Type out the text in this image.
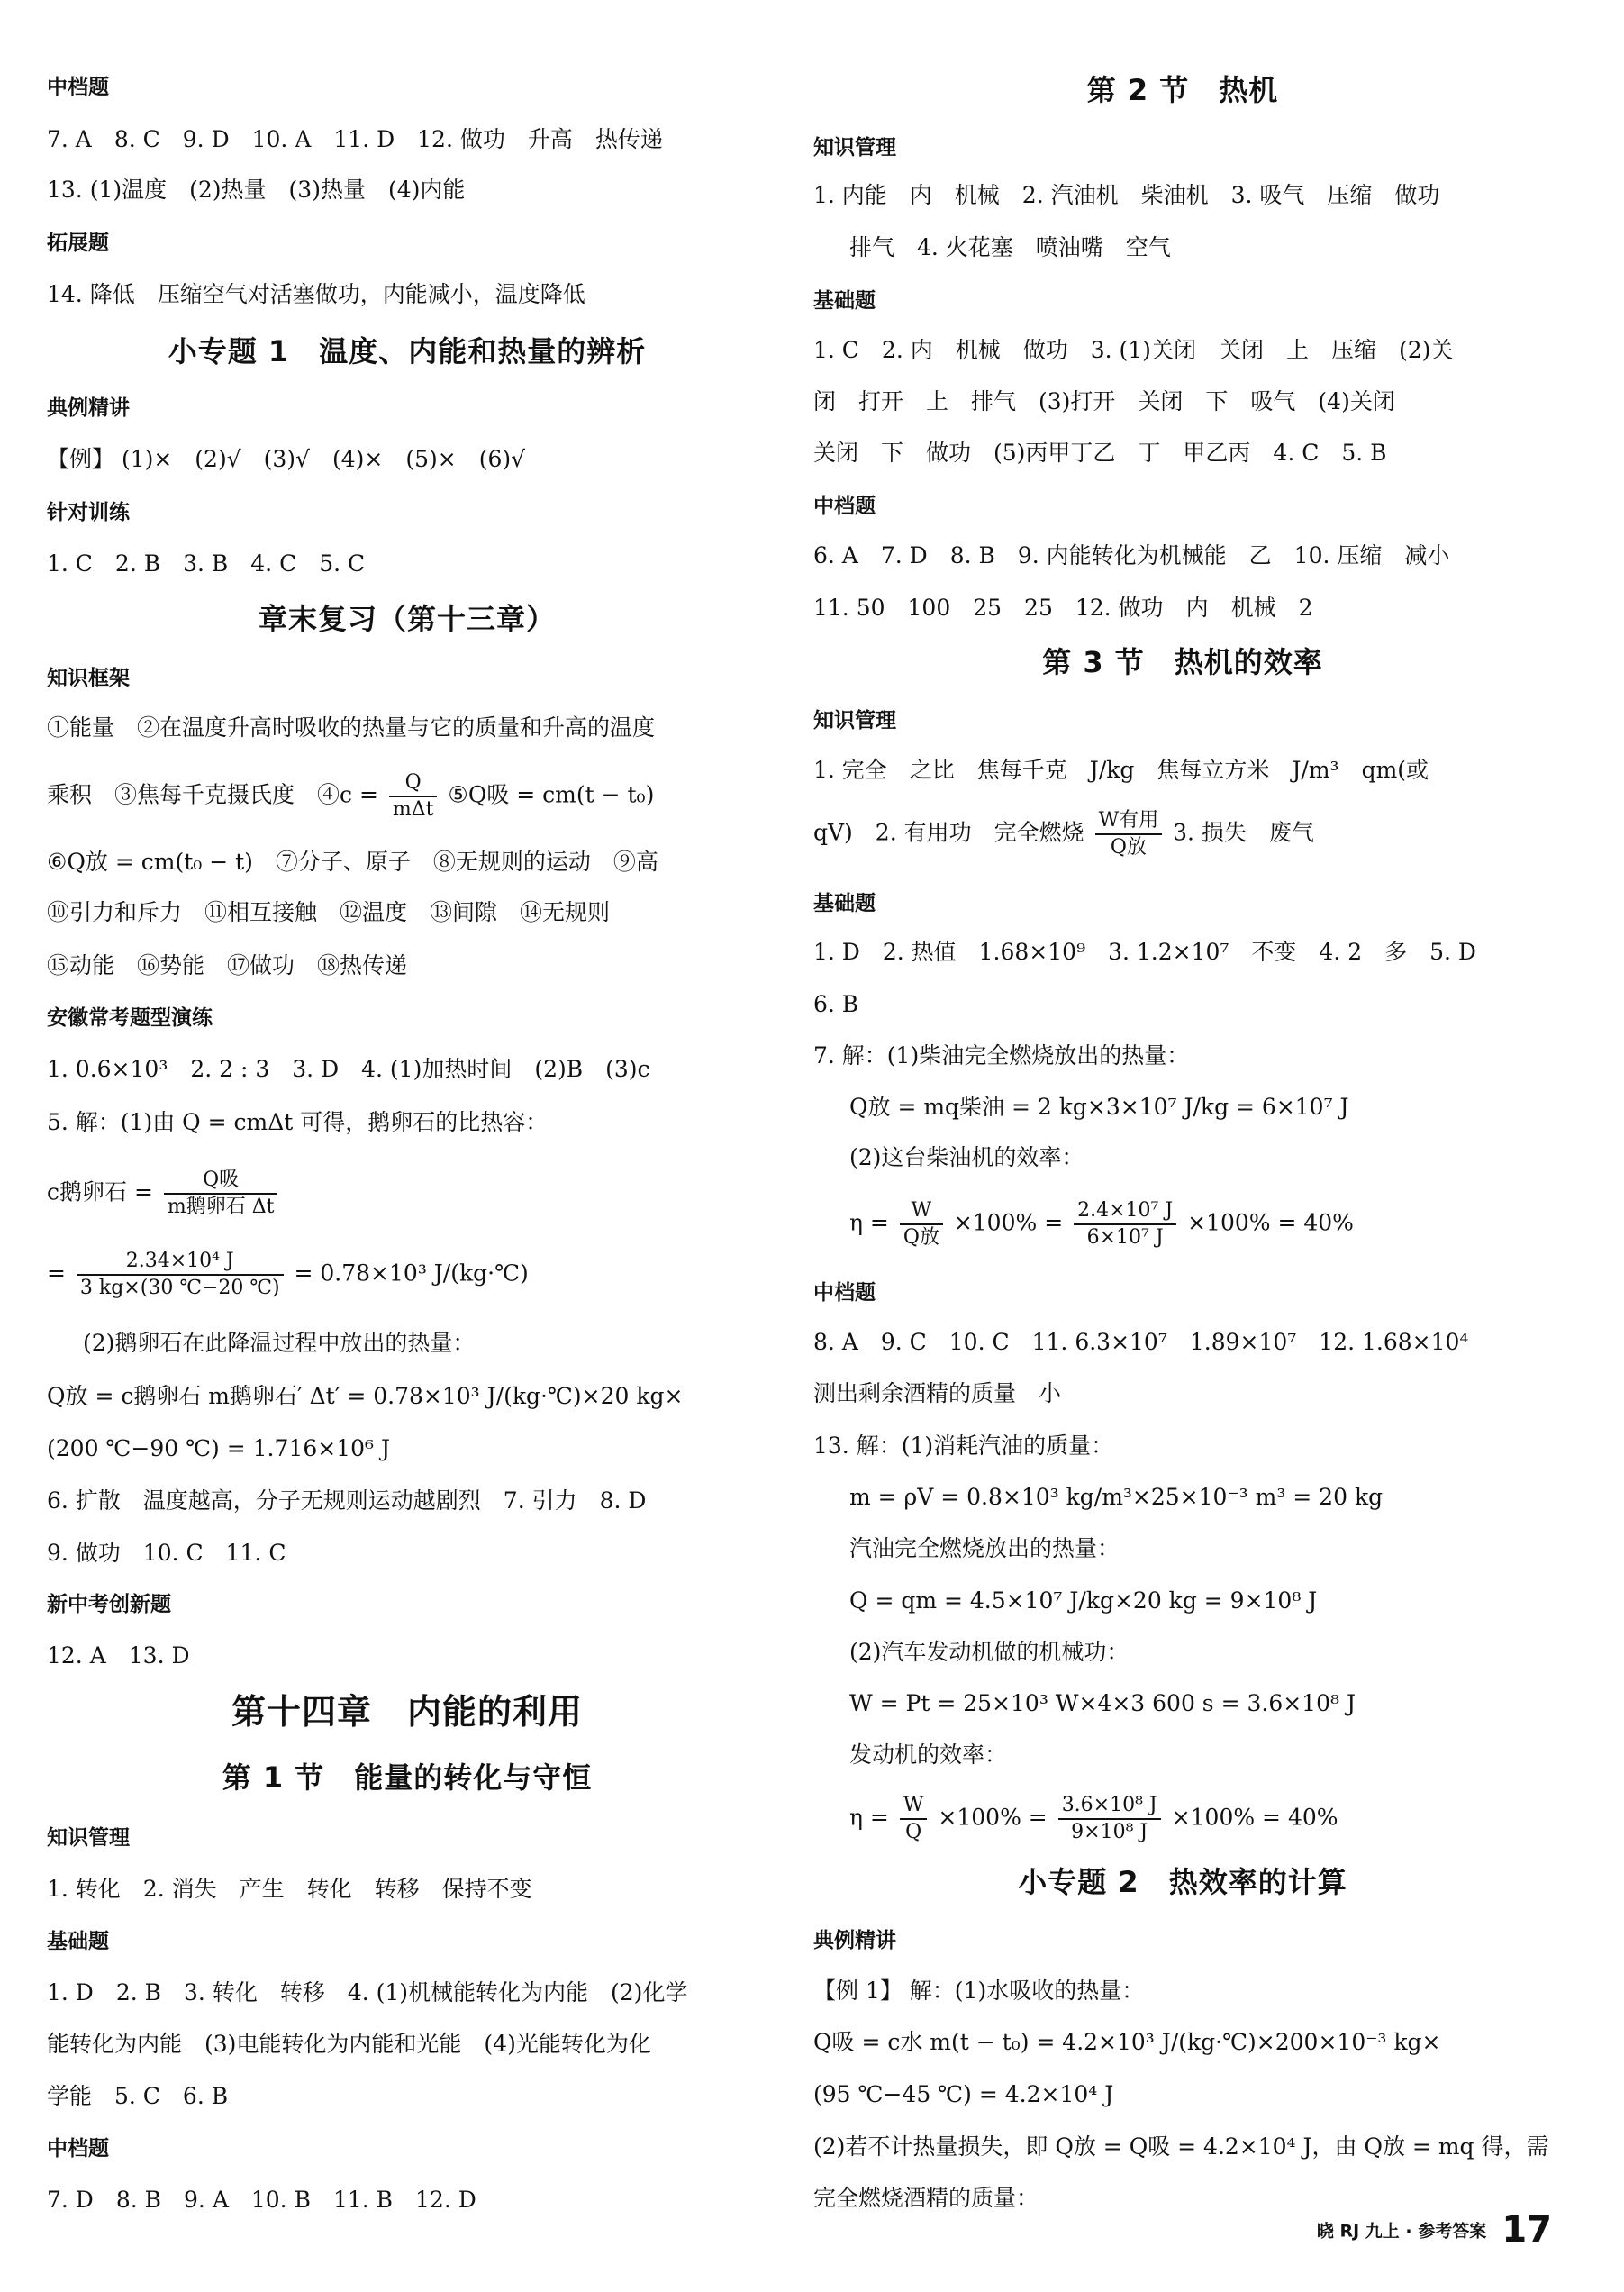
中档题
7. A　8. C　9. D　10. A　11. D　12. 做功　升高　热传递
13. (1)温度　(2)热量　(3)热量　(4)内能
拓展题
14. 降低　压缩空气对活塞做功，内能减小，温度降低
小专题 1　温度、内能和热量的辨析
典例精讲
【例】 (1)×　(2)√　(3)√　(4)×　(5)×　(6)√
针对训练
1. C　2. B　3. B　4. C　5. C
章末复习（第十三章）
知识框架
①能量　②在温度升高时吸收的热量与它的质量和升高的温度
乘积　③焦每千克摄氏度　④c = $\frac{Q}{\text{mΔt}}$ ⑤Q吸 = cm(t − t₀)
⑥Q放 = cm(t₀ − t)　⑦分子、原子　⑧无规则的运动　⑨高
⑩引力和斥力　⑪相互接触　⑫温度　⑬间隙　⑭无规则
⑮动能　⑯势能　⑰做功　⑱热传递
安徽常考题型演练
1. 0.6×10³　2. 2 : 3　3. D　4. (1)加热时间　(2)B　(3)c
5. 解：(1)由 Q = cmΔt 可得，鹅卵石的比热容：
c鹅卵石 = $\frac{\text{Q吸}}{\text{m鹅卵石 Δt}}$
= $\frac{\text{2.34×10⁴ J}}{3 kg\times(30 ℃-20 ℃)} = 0.78\times 10^3$ J/(kg·℃)
(2)鹅卵石在此降温过程中放出的热量：
Q放 = c鹅卵石 m鹅卵石′ Δt′ = 0.78×10³ J/(kg·℃)×20 kg×
(200 ℃−90 ℃) = 1.716×10⁶ J
6. 扩散　温度越高，分子无规则运动越剧烈　7. 引力　8. D
9. 做功　10. C　11. C
新中考创新题
12. A　13. D
第十四章　内能的利用
第 1 节　能量的转化与守恒
知识管理
1. 转化　2. 消失　产生　转化　转移　保持不变
基础题
1. D　2. B　3. 转化　转移　4. (1)机械能转化为内能　(2)化学
能转化为内能　(3)电能转化为内能和光能　(4)光能转化为化
学能　5. C　6. B
中档题
7. D　8. B　9. A　10. B　11. B　12. D
第 2 节　热机
知识管理
1. 内能　内　机械　2. 汽油机　柴油机　3. 吸气　压缩　做功
排气　4. 火花塞　喷油嘴　空气
基础题
1. C　2. 内　机械　做功　3. (1)关闭　关闭　上　压缩　(2)关
闭　打开　上　排气　(3)打开　关闭　下　吸气　(4)关闭
关闭　下　做功　(5)丙甲丁乙　丁　甲乙丙　4. C　5. B
中档题
6. A　7. D　8. B　9. 内能转化为机械能　乙　10. 压缩　减小
11. 50　100　25　25　12. 做功　内　机械　2
第 3 节　热机的效率
知识管理
1. 完全　之比　焦每千克　J/kg　焦每立方米　J/m³　qm(或
qV)　2. 有用功　完全燃烧 $\frac{\text{W有用}}{\text{Q放}} 3$. 损失　废气
基础题
1. D　2. 热值　1.68×10⁹　3. 1.2×10⁷　不变　4. 2　多　5. D
6. B
7. 解：(1)柴油完全燃烧放出的热量：
Q放 = mq柴油 = 2 kg×3×10⁷ J/kg = 6×10⁷ J
(2)这台柴油机的效率：
$\eta = \frac{W}{\text{Q放}} \times 100\% = \frac{\text{2.4×10⁷ J}}{\text{6×10⁷ J}} \times 100\% = 40\%$
中档题
8. A　9. C　10. C　11. 6.3×10⁷　1.89×10⁷　12. 1.68×10⁴
测出剩余酒精的质量　小
13. 解：(1)消耗汽油的质量：
m = ρV = 0.8×10³ kg/m³×25×10⁻³ m³ = 20 kg
汽油完全燃烧放出的热量：
Q = qm = 4.5×10⁷ J/kg×20 kg = 9×10⁸ J
(2)汽车发动机做的机械功：
W = Pt = 25×10³ W×4×3 600 s = 3.6×10⁸ J
发动机的效率：
$\eta = \frac{W}{Q} \times 100\% = \frac{\text{3.6×10⁸ J}}{\text{9×10⁸ J}} \times 100\% = 40\%$
小专题 2　热效率的计算
典例精讲
【例 1】 解：(1)水吸收的热量：
Q吸 = c水 m(t − t₀) = 4.2×10³ J/(kg·℃)×200×10⁻³ kg×
(95 ℃−45 ℃) = 4.2×10⁴ J
(2)若不计热量损失，即 Q放 = Q吸 = 4.2×10⁴ J，由 Q放 = mq 得，需
完全燃烧酒精的质量：
晓 RJ 九上 · 参考答案 17
